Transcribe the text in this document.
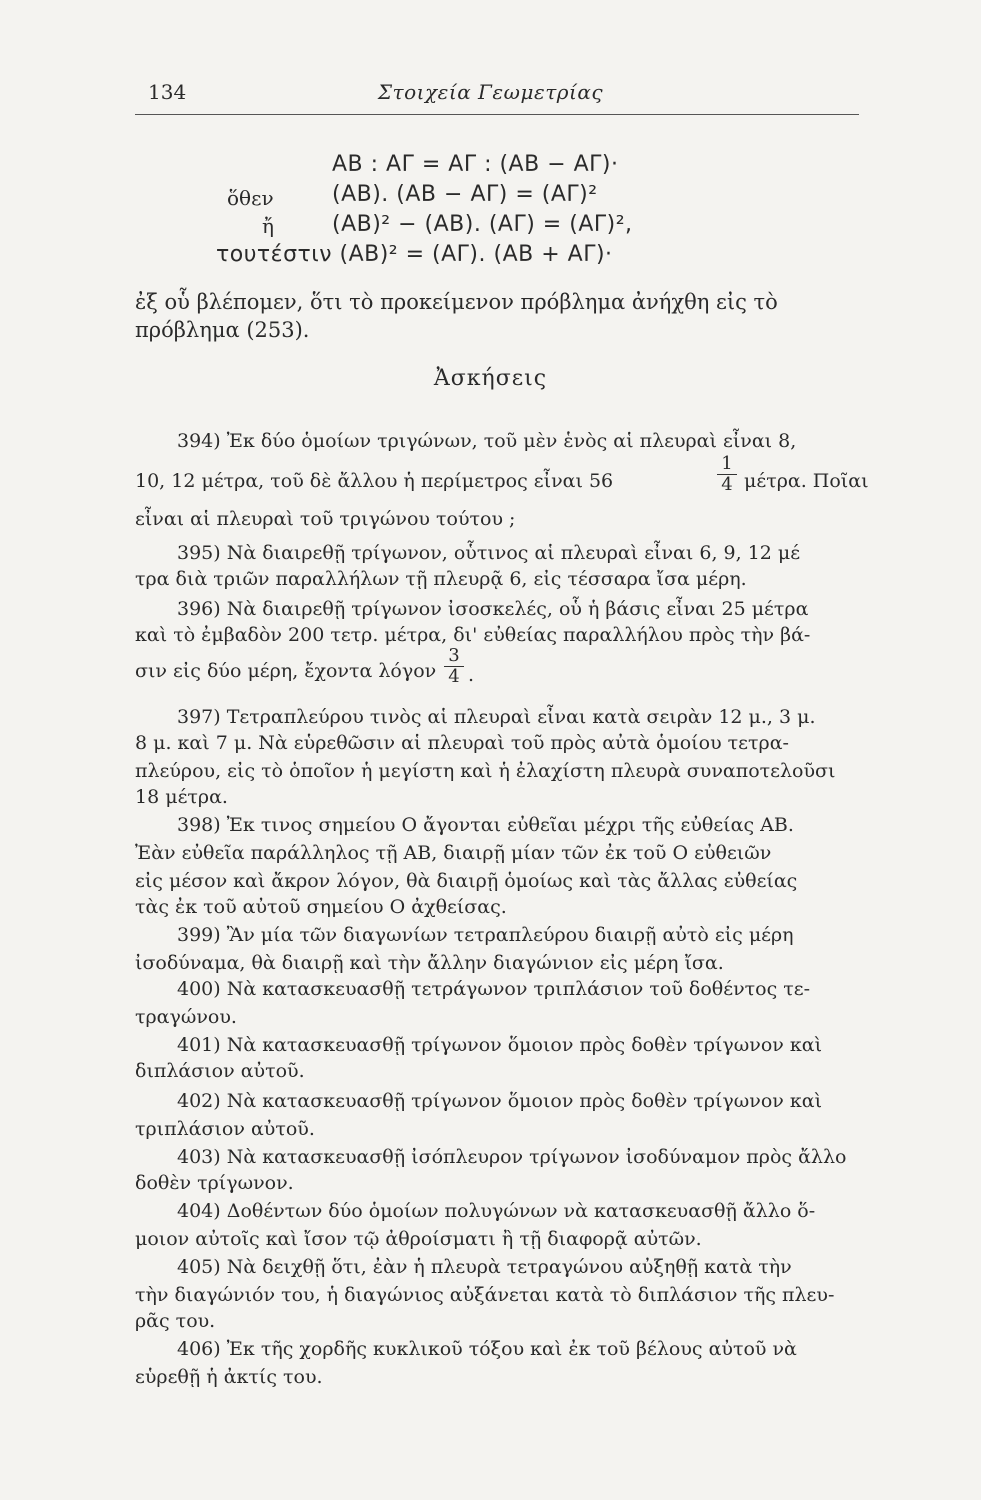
134	Στοιχεία Γεωμετρίας
ΑΒ : ΑΓ = ΑΓ : (ΑΒ − ΑΓ)·
ὅθεν	(ΑΒ). (ΑΒ − ΑΓ) = (ΑΓ)²
ἤ	(ΑΒ)² − (ΑΒ). (ΑΓ) = (ΑΓ)²,
τουτέστιν (ΑΒ)² = (ΑΓ). (ΑΒ + ΑΓ)·
ἐξ οὗ βλέπομεν, ὅτι τὸ προκείμενον πρόβλημα ἀνήχθη εἰς τὸ
πρόβλημα (253).
Ἀσκήσεις
394) Ἐκ δύο ὁμοίων τριγώνων, τοῦ μὲν ἑνὸς αἱ πλευραὶ εἶναι 8,
10, 12 μέτρα, τοῦ δὲ ἄλλου ἡ περίμετρος εἶναι 56	$\frac{1}{4} \mu έ\tau\rho\alpha$. Ποῖαι
εἶναι αἱ πλευραὶ τοῦ τριγώνου τούτου ;
395) Νὰ διαιρεθῇ τρίγωνον, οὗτινος αἱ πλευραὶ εἶναι 6, 9, 12 μέ
τρα διὰ τριῶν παραλλήλων τῇ πλευρᾷ 6, εἰς τέσσαρα ἴσα μέρη.
396) Νὰ διαιρεθῇ τρίγωνον ἰσοσκελές, οὗ ἡ βάσις εἶναι 25 μέτρα
καὶ τὸ ἐμβαδὸν 200 τετρ. μέτρα, δι' εὐθείας παραλλήλου πρὸς τὴν βά-
σιν εἰς δύο μέρη, ἔχοντα λόγον $\frac{3}{4}$ .
397) Τετραπλεύρου τινὸς αἱ πλευραὶ εἶναι κατὰ σειρὰν 12 μ., 3 μ.
8 μ. καὶ 7 μ. Νὰ εὑρεθῶσιν αἱ πλευραὶ τοῦ πρὸς αὐτὰ ὁμοίου τετρα-
πλεύρου, εἰς τὸ ὁποῖον ἡ μεγίστη καὶ ἡ ἐλαχίστη πλευρὰ συναποτελοῦσι
18 μέτρα.
398) Ἐκ τινος σημείου Ο ἄγονται εὐθεῖαι μέχρι τῆς εὐθείας ΑΒ.
Ἐὰν εὐθεῖα παράλληλος τῇ ΑΒ, διαιρῇ μίαν τῶν ἐκ τοῦ Ο εὐθειῶν
εἰς μέσον καὶ ἄκρον λόγον, θὰ διαιρῇ ὁμοίως καὶ τὰς ἄλλας εὐθείας
τὰς ἐκ τοῦ αὐτοῦ σημείου Ο ἀχθείσας.
399) Ἂν μία τῶν διαγωνίων τετραπλεύρου διαιρῇ αὐτὸ εἰς μέρη
ἰσοδύναμα, θὰ διαιρῇ καὶ τὴν ἄλλην διαγώνιον εἰς μέρη ἴσα.
400) Νὰ κατασκευασθῇ τετράγωνον τριπλάσιον τοῦ δοθέντος τε-
τραγώνου.
401) Νὰ κατασκευασθῇ τρίγωνον ὅμοιον πρὸς δοθὲν τρίγωνον καὶ
διπλάσιον αὐτοῦ.
402) Νὰ κατασκευασθῇ τρίγωνον ὅμοιον πρὸς δοθὲν τρίγωνον καὶ
τριπλάσιον αὐτοῦ.
403) Νὰ κατασκευασθῇ ἰσόπλευρον τρίγωνον ἰσοδύναμον πρὸς ἄλλο
δοθὲν τρίγωνον.
404) Δοθέντων δύο ὁμοίων πολυγώνων νὰ κατασκευασθῇ ἄλλο ὅ-
μοιον αὐτοῖς καὶ ἴσον τῷ ἀθροίσματι ἢ τῇ διαφορᾷ αὐτῶν.
405) Νὰ δειχθῇ ὅτι, ἐὰν ἡ πλευρὰ τετραγώνου αὐξηθῇ κατὰ τὴν
τὴν διαγώνιόν του, ἡ διαγώνιος αὐξάνεται κατὰ τὸ διπλάσιον τῆς πλευ-
ρᾶς του.
406) Ἐκ τῆς χορδῆς κυκλικοῦ τόξου καὶ ἐκ τοῦ βέλους αὐτοῦ νὰ
εὑρεθῇ ἡ ἀκτίς του.
